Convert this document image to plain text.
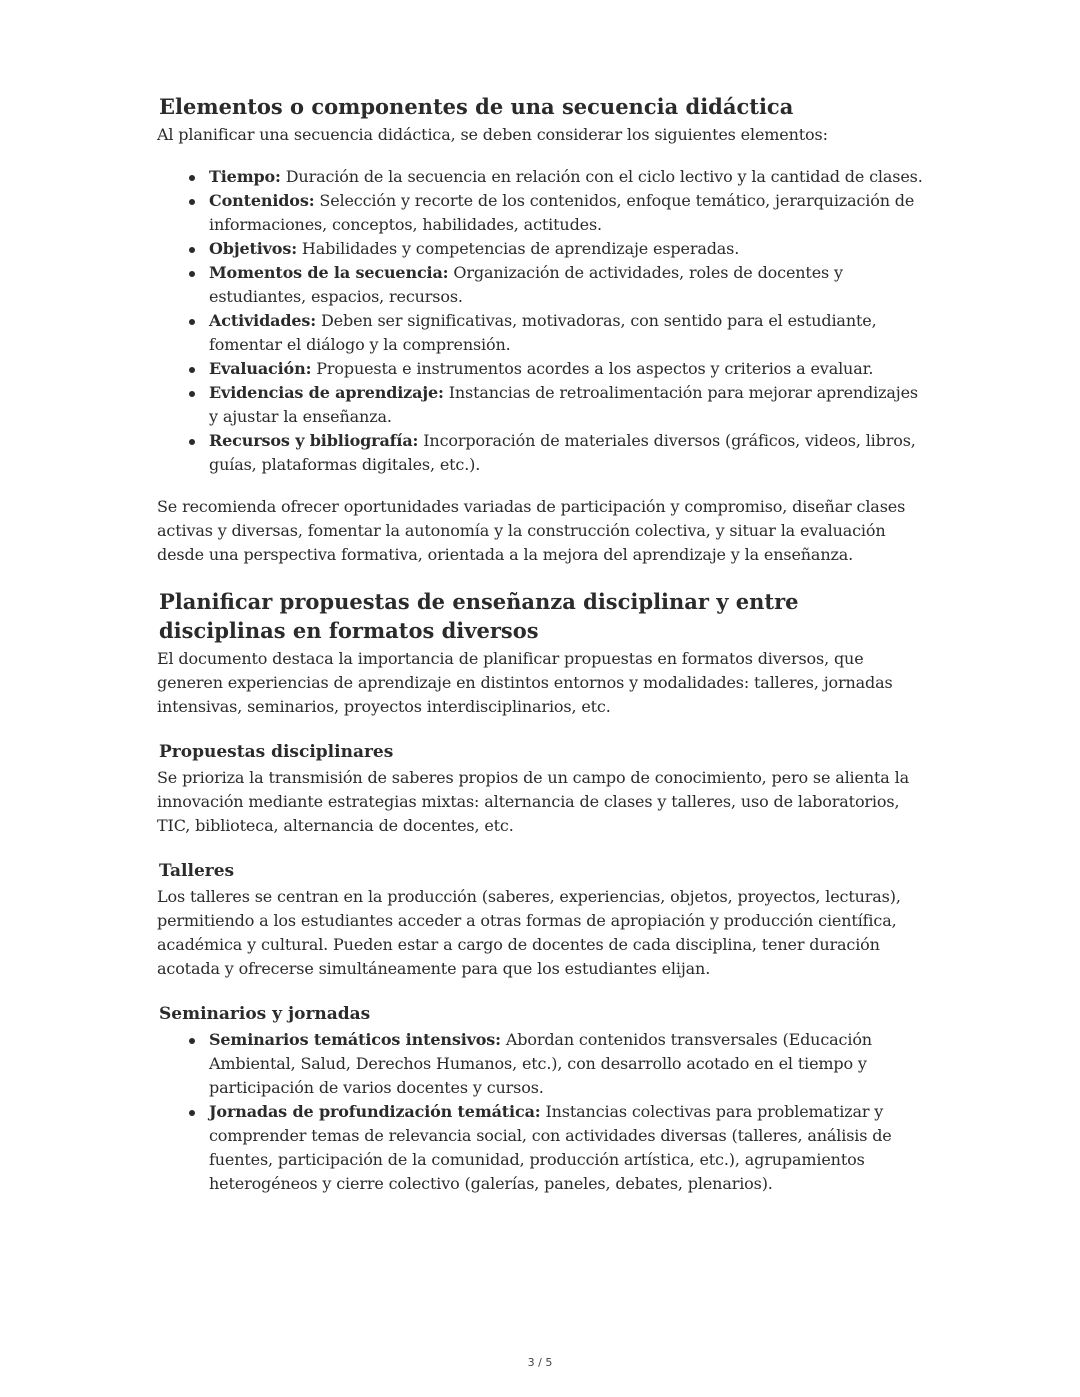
Elementos o componentes de una secuencia didáctica

Al planificar una secuencia didáctica, se deben considerar los siguientes elementos:

Tiempo: Duración de la secuencia en relación con el ciclo lectivo y la cantidad de clases.
Contenidos: Selección y recorte de los contenidos, enfoque temático, jerarquización de informaciones, conceptos, habilidades, actitudes.
Objetivos: Habilidades y competencias de aprendizaje esperadas.
Momentos de la secuencia: Organización de actividades, roles de docentes y estudiantes, espacios, recursos.
Actividades: Deben ser significativas, motivadoras, con sentido para el estudiante, fomentar el diálogo y la comprensión.
Evaluación: Propuesta e instrumentos acordes a los aspectos y criterios a evaluar.
Evidencias de aprendizaje: Instancias de retroalimentación para mejorar aprendizajes y ajustar la enseñanza.
Recursos y bibliografía: Incorporación de materiales diversos (gráficos, videos, libros, guías, plataformas digitales, etc.).

Se recomienda ofrecer oportunidades variadas de participación y compromiso, diseñar clases activas y diversas, fomentar la autonomía y la construcción colectiva, y situar la evaluación desde una perspectiva formativa, orientada a la mejora del aprendizaje y la enseñanza.

Planificar propuestas de enseñanza disciplinar y entre disciplinas en formatos diversos

El documento destaca la importancia de planificar propuestas en formatos diversos, que generen experiencias de aprendizaje en distintos entornos y modalidades: talleres, jornadas intensivas, seminarios, proyectos interdisciplinarios, etc.

Propuestas disciplinares

Se prioriza la transmisión de saberes propios de un campo de conocimiento, pero se alienta la innovación mediante estrategias mixtas: alternancia de clases y talleres, uso de laboratorios, TIC, biblioteca, alternancia de docentes, etc.

Talleres

Los talleres se centran en la producción (saberes, experiencias, objetos, proyectos, lecturas), permitiendo a los estudiantes acceder a otras formas de apropiación y producción científica, académica y cultural. Pueden estar a cargo de docentes de cada disciplina, tener duración acotada y ofrecerse simultáneamente para que los estudiantes elijan.

Seminarios y jornadas
Seminarios temáticos intensivos: Abordan contenidos transversales (Educación Ambiental, Salud, Derechos Humanos, etc.), con desarrollo acotado en el tiempo y participación de varios docentes y cursos.
Jornadas de profundización temática: Instancias colectivas para problematizar y comprender temas de relevancia social, con actividades diversas (talleres, análisis de fuentes, participación de la comunidad, producción artística, etc.), agrupamientos heterogéneos y cierre colectivo (galerías, paneles, debates, plenarios).
3 / 5
